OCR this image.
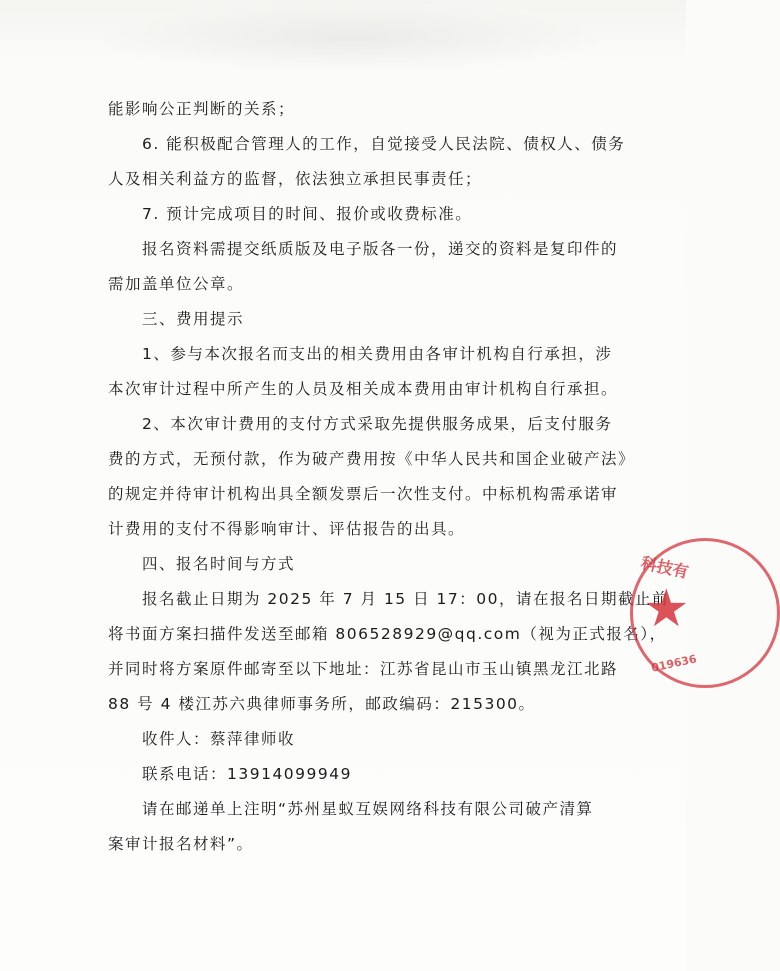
能影响公正判断的关系；
6. 能积极配合管理人的工作，自觉接受人民法院、债权人、债务
人及相关利益方的监督，依法独立承担民事责任；
7. 预计完成项目的时间、报价或收费标准。
报名资料需提交纸质版及电子版各一份，递交的资料是复印件的
需加盖单位公章。
三、费用提示
1、参与本次报名而支出的相关费用由各审计机构自行承担，涉
本次审计过程中所产生的人员及相关成本费用由审计机构自行承担。
2、本次审计费用的支付方式采取先提供服务成果，后支付服务
费的方式，无预付款，作为破产费用按《中华人民共和国企业破产法》
的规定并待审计机构出具全额发票后一次性支付。中标机构需承诺审
计费用的支付不得影响审计、评估报告的出具。
四、报名时间与方式
报名截止日期为 2025 年 7 月 15 日 17：00，请在报名日期截止前
将书面方案扫描件发送至邮箱 806528929@qq.com（视为正式报名），
并同时将方案原件邮寄至以下地址：江苏省昆山市玉山镇黑龙江北路
88 号 4 楼江苏六典律师事务所，邮政编码：215300。
收件人：蔡萍律师收
联系电话：13914099949
请在邮递单上注明“苏州星蚁互娱网络科技有限公司破产清算
案审计报名材料”。
科技有
★
019636
